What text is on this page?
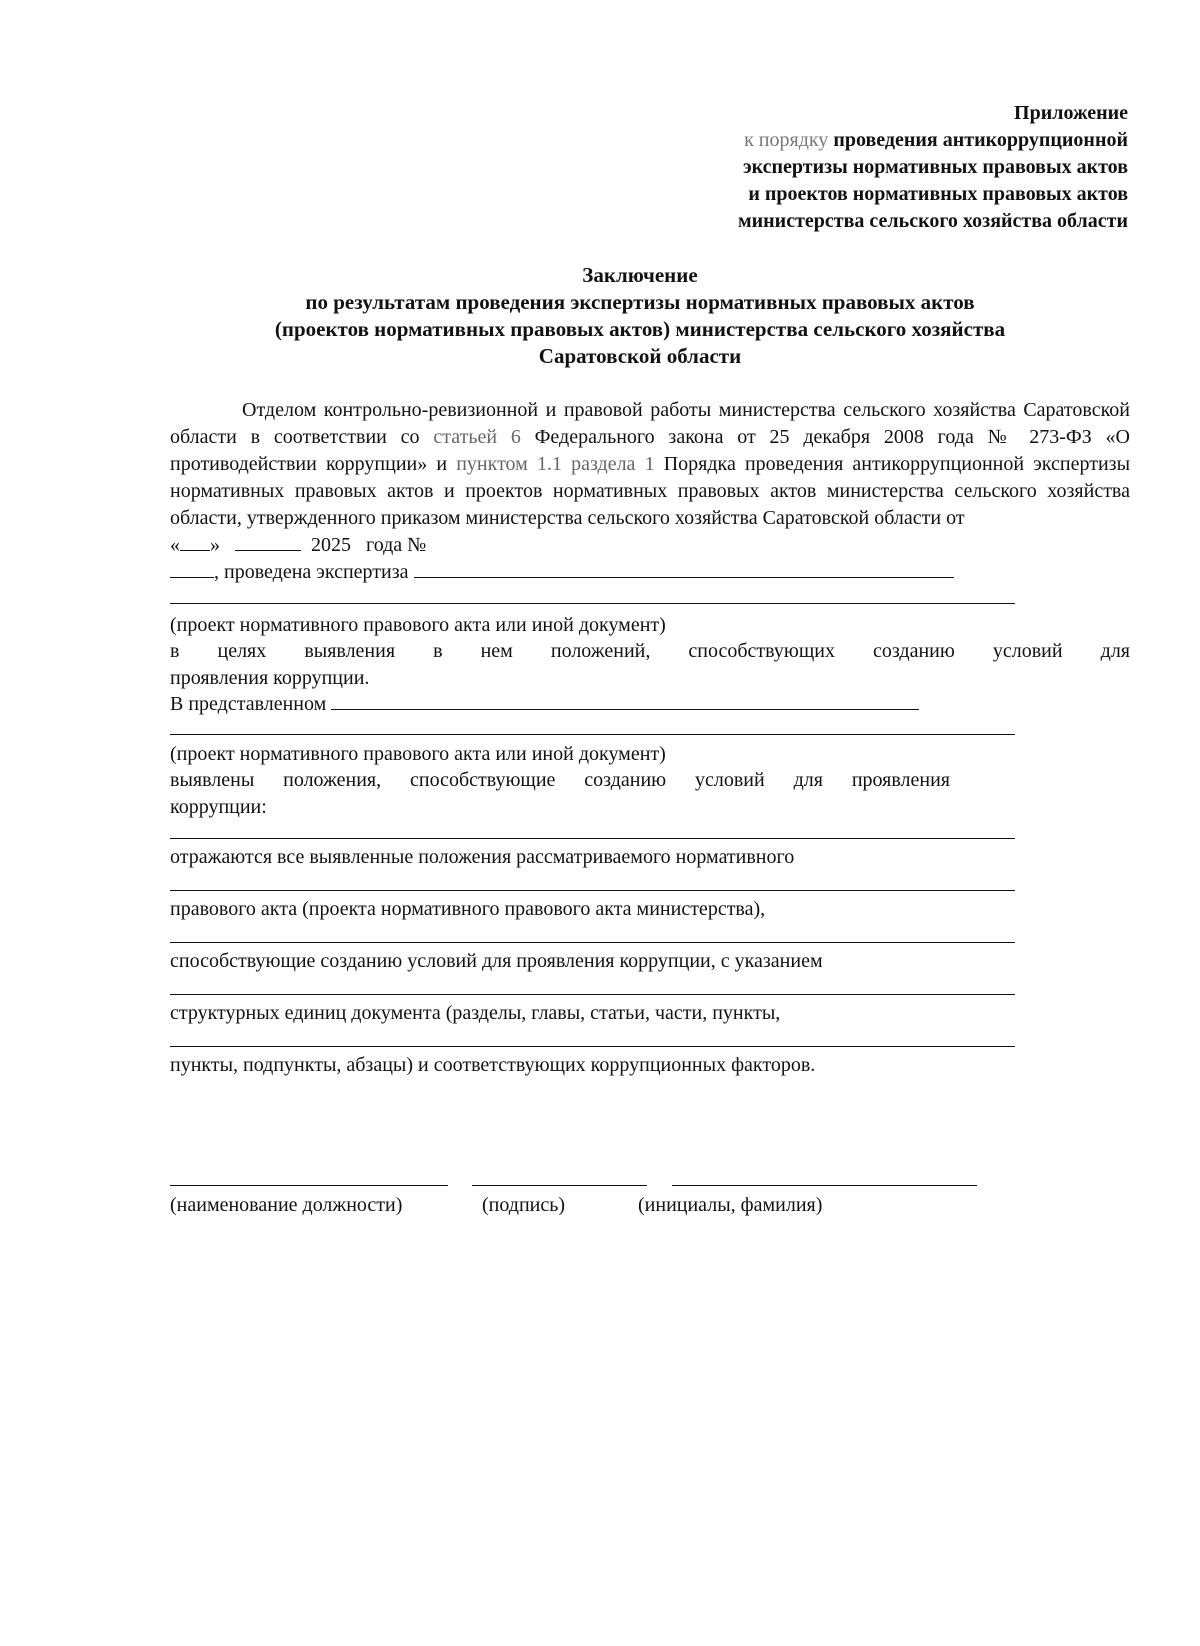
Приложение
к порядку проведения антикоррупционной
экспертизы нормативных правовых актов
и проектов нормативных правовых актов
министерства сельского хозяйства области
Заключение
по результатам проведения экспертизы нормативных правовых актов
(проектов нормативных правовых актов) министерства сельского хозяйства
Саратовской области
Отделом контрольно-ревизионной и правовой работы министерства сельского хозяйства Саратовской области в соответствии со статьей 6 Федерального закона от 25 декабря 2008 года № 273-ФЗ «О противодействии коррупции» и пунктом 1.1 раздела 1 Порядка проведения антикоррупционной экспертизы нормативных правовых актов и проектов нормативных правовых актов министерства сельского хозяйства области, утвержденного приказом министерства сельского хозяйства Саратовской области от
« »	2025 года №
, проведена экспертиза
(проект нормативного правового акта или иной документ)
в целях выявления в нем положений, способствующих созданию условий для
проявления коррупции.
В представленном
(проект нормативного правового акта или иной документ)
выявлены положения, способствующие созданию условий для проявления
коррупции:
отражаются все выявленные положения рассматриваемого нормативного
правового акта (проекта нормативного правового акта министерства),
способствующие созданию условий для проявления коррупции, с указанием
структурных единиц документа (разделы, главы, статьи, части, пункты,
пункты, подпункты, абзацы) и соответствующих коррупционных факторов.
(наименование должности)	(подпись)	(инициалы, фамилия)
